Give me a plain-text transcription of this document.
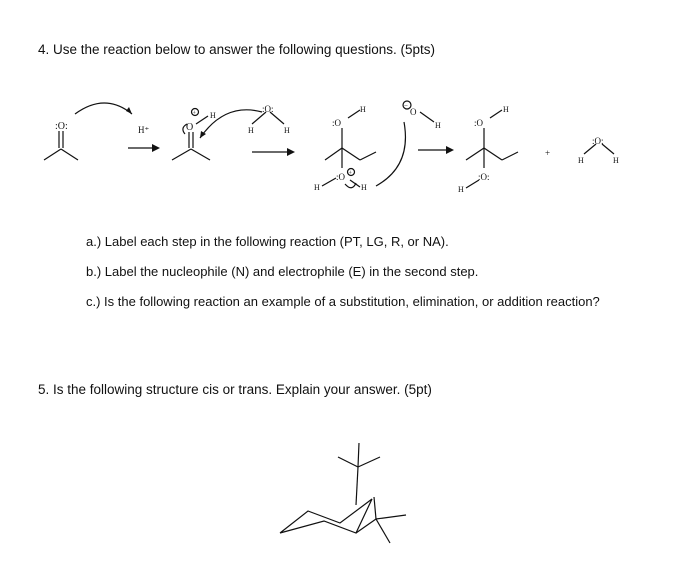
4. Use the reaction below to answer the following questions. (5pts)
:O:	H⁺	O
+ H
:O:
H	H
:O
H
:O +
H	H
−
O
H	:O
H
:O:
H
+
:O:
H	H
a.) Label each step in the following reaction (PT, LG, R, or NA).
b.) Label the nucleophile (N) and electrophile (E) in the second step.
c.) Is the following reaction an example of a substitution, elimination, or addition reaction?
5. Is the following structure cis or trans. Explain your answer. (5pt)
